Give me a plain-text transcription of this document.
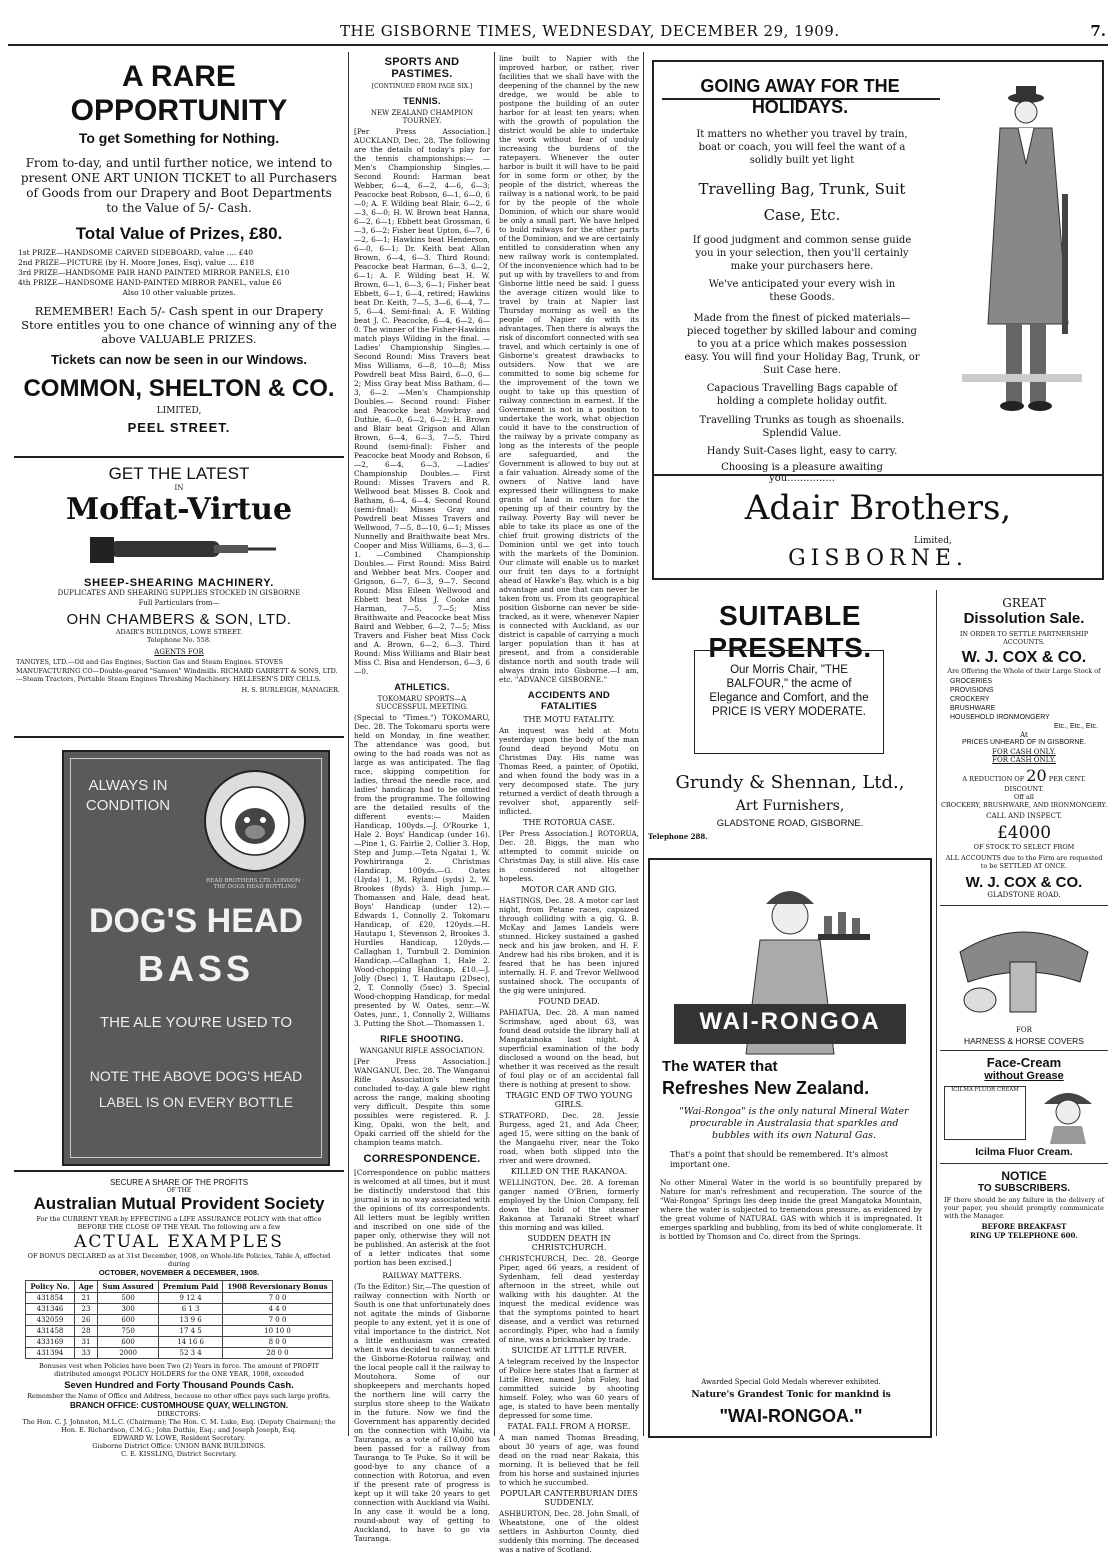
THE GISBORNE TIMES, WEDNESDAY, DECEMBER 29, 1909.	7.
A RARE OPPORTUNITY
To get Something for Nothing.
From to-day, and until further notice, we intend to present ONE ART UNION TICKET to all Purchasers of Goods from our Drapery and Boot Departments to the Value of 5/- Cash.
Total Value of Prizes, £80.
1st PRIZE—HANDSOME CARVED SIDEBOARD, value .... £40
2nd PRIZE—PICTURE (by H. Moore Jones, Esq), value .... £18
3rd PRIZE—HANDSOME PAIR HAND PAINTED MIRROR PANELS, £10
4th PRIZE—HANDSOME HAND-PAINTED MIRROR PANEL, value £6
Also 10 other valuable prizes.
REMEMBER! Each 5/- Cash spent in our Drapery Store entitles you to one chance of winning any of the above VALUABLE PRIZES.
Tickets can now be seen in our Windows.
COMMON, SHELTON & CO.
LIMITED,
PEEL STREET.
GET THE LATEST
IN
Moffat-Virtue
SHEEP-SHEARING MACHINERY.
DUPLICATES AND SHEARING SUPPLIES STOCKED IN GISBORNE
Full Particulars from—
OHN CHAMBERS & SON, LTD.
ADAIR'S BUILDINGS, LOWE STREET.
Telephone No. 558.
AGENTS FOR
TANGYES, LTD.—Oil and Gas Engines, Suction Gas and Steam Engines. STOVES MANUFACTURING CO—Double-geared "Samson" Windmills. RICHARD GARRETT & SONS, LTD.—Steam Tractors, Portable Steam Engines Threshing Machinery. HELLESEN'S DRY CELLS.
H. S. BURLEIGH, MANAGER.
ALWAYS IN CONDITION
READ BROTHERS LTD. LONDON · THE DOGS HEAD BOTTLING
DOG'S HEAD
BASS
THE ALE YOU'RE USED TO
NOTE THE ABOVE DOG'S HEAD
LABEL IS ON EVERY BOTTLE
SECURE A SHARE OF THE PROFITS
OF THE
Australian Mutual Provident Society
For the CURRENT YEAR by EFFECTING a LIFE ASSURANCE POLICY with that office BEFORE THE CLOSE OF THE YEAR. The following are a few
ACTUAL EXAMPLES
OF BONUS DECLARED as at 31st December, 1908, on Whole-life Policies, Table A, effected during
OCTOBER, NOVEMBER & DECEMBER, 1908.
Policy No.	Age	Sum Assured	Premium Paid	1908 Reversionary Bonus
431854	21	500	9 12 4	7 0 0
431346	23	300	6 1 3	4 4 0
432059	26	600	13 9 6	7 0 0
431458	28	750	17 4 5	10 10 0
433169	31	600	14 16 6	8 0 0
431394	33	2000	52 3 4	28 0 0
Bonuses vest when Policies have been Two (2) Years in force. The amount of PROFIT distributed amongst POLICY HOLDERS for the ONE YEAR, 1908, exceeded
Seven Hundred and Forty Thousand Pounds Cash.
Remember the Name of Office and Address, because no other office pays such large profits.
BRANCH OFFICE: CUSTOMHOUSE QUAY, WELLINGTON.
DIRECTORS:
The Hon. C. J. Johnston, M.L.C. (Chairman); The Hon. C. M. Luke, Esq. (Deputy Chairman); the Hon. E. Richardson, C.M.G.; John Duthie, Esq.; and Joseph Joseph, Esq.
EDWARD W. LOWE, Resident Secretary.
Gisborne District Office: UNION BANK BUILDINGS.
C. E. KISSLING, District Secretary.
SPORTS AND PASTIMES.
[CONTINUED FROM PAGE SIX.]
TENNIS.
NEW ZEALAND CHAMPION TOURNEY.

[Per Press Association.] AUCKLAND, Dec. 28. The following are the details of today's play for the tennis championships:— —Men's Championship Singles.— Second Round: Harman beat Webber, 6—4, 6—2, 4—6, 6—3; Peacocke beat Robson, 6—1, 6—0, 6—0; A. F. Wilding beat Blair, 6—2, 6—3, 6—0; H. W. Brown beat Hanna, 6—2, 6—1; Ebbett beat Grossman, 6—3, 6—2; Fisher beat Upton, 6—7, 6—2, 6—1; Hawkins beat Henderson, 6—0, 6—1; Dr. Keith beat Allan Brown, 6—4, 6—3. Third Round: Peacocke beat Harman, 6—3, 6—2, 6—1; A. F. Wilding beat H. W. Brown, 6—1, 6—3, 6—1; Fisher beat Ebbett, 6—1, 6—4, retired; Hawkins beat Dr. Keith, 7—5, 3—6, 6—4, 7—5, 6—4. Semi-final: A. F. Wilding beat J. C. Peacocke, 6—4, 6—2, 6—0. The winner of the Fisher-Hawkins match plays Wilding in the final. —Ladies' Championship Singles.— Second Round: Miss Travers beat Miss Williams, 6—8, 10—8; Miss Powdrell beat Miss Baird, 6—0, 6—2; Miss Gray beat Miss Batham, 6—3, 6—2. —Men's Championship Doubles.— Second round: Fisher and Peacocke beat Mowbray and Duthie, 6—0, 6—2, 6—2; H. Brown and Blair beat Grigson and Allan Brown, 6—4, 6—3, 7—5. Third Round (semi-final): Fisher and Peacocke beat Moody and Robson, 6—2, 6—4, 6—3. —Ladies' Championship Doubles.— First Round: Misses Travers and R. Wellwood beat Misses B. Cook and Batham, 6—4, 6—4. Second Round (semi-final): Misses Gray and Powdrell beat Misses Travers and Wellwood, 7—5, 8—10, 6—1; Misses Nunnelly and Braithwaite beat Mrs. Cooper and Miss Williams, 6—3, 6—1. —Combined Championship Doubles.— First Round: Miss Baird and Webber beat Mrs. Cooper and Grigson, 6—7, 6—3, 9—7. Second Round: Miss Eileen Wellwood and Ebbett beat Miss J. Cooke and Harman, 7—5, 7—5; Miss Braithwaite and Peacocke beat Miss Baird and Webber, 6—2, 7—5; Miss Travers and Fisher beat Miss Cock and A. Brown, 6—2, 6—3. Third Round: Miss Williams and Blair beat Miss C. Bisa and Henderson, 6—3, 6—0.

ATHLETICS.
TOKOMARU SPORTS—A SUCCESSFUL MEETING.

(Special to "Times.") TOKOMARU, Dec. 28. The Tokomaru sports were held on Monday, in fine weather. The attendance was good, but owing to the bad roads was not as large as was anticipated. The flag race, skipping competition for ladies, thread the needle race, and ladies' handicap had to be omitted from the programme. The following are the detailed results of the different events:— Maiden Handicap, 100yds.—J. O'Rourke 1, Hale 2. Boys' Handicap (under 16).—Pine 1, G. Fairlie 2, Collier 3. Hop, Step and Jump.—Teta Ngatai 1, W. Powhiriranga 2. Christmas Handicap, 100yds.—G. Oates (Llyda) 1, M. Ryland (syds) 2, W. Brookes (8yds) 3. High Jump.—Thomassen and Hale, dead heat. Boys' Handicap (under 12).—Edwards 1, Connolly 2. Tokomaru Handicap, of £20, 120yds.—H. Hautapu 1, Stevenson 2, Brookes 3. Hurdles Handicap, 120yds.—Callaghan 1, Turnbull 2. Dominion Handicap.—Callaghan 1, Hale 2. Wood-chopping Handicap, £10.—J. Jolly (Dsec) 1, T. Hautapu (2Dsec), 2, T. Connolly (5sec) 3. Special Wood-chopping Handicap, for medal presented by W. Oates, senr.—W. Oates, junr., 1, Connolly 2, Williams 3. Putting the Shot.—Thomassen 1.

RIFLE SHOOTING.
WANGANUI RIFLE ASSOCIATION.

[Per Press Association.] WANGANUI, Dec. 28. The Wanganui Rifle Association's meeting concluded to-day. A gale blew right across the range, making shooting very difficult. Despite this some possibles were registered. R. J. King, Opaki, won the belt, and Opaki carried off the shield for the champion teams match.

CORRESPONDENCE.

[Correspondence on public matters is welcomed at all times, but it must be distinctly understood that this journal is in no way associated with the opinions of its correspondents. All letters must be legibly written and inscribed on one side of the paper only, otherwise they will not be published. An asterisk at the foot of a letter indicates that some portion has been excised.]

RAILWAY MATTERS.

(To the Editor.) Sir,—The question of railway connection with North or South is one that unfortunately does not agitate the minds of Gisborne people to any extent, yet it is one of vital importance to the district. Not a little enthusiasm was created when it was decided to connect with the Gisborne-Rotorua railway, and the local people call it the railway to Moutohora. Some of our shopkeepers and merchants hoped the northern line will carry the surplus store sheep to the Waikato in the future. Now we find the Government has apparently decided on the connection with Waihi, via Tauranga, as a vote of £10,000 has been passed for a railway from Tauranga to Te Puke. So it will be good-bye to any chance of a connection with Rotorua, and even if the present rate of progress is kept up it will take 20 years to get connection with Auckland via Waihi. In any case it would be a long, round-about way of getting to Auckland, to have to go via Tauranga.

line built to Napier with the improved harbor, or rather, river facilities that we shall have with the deepening of the channel by the new dredge, we would be able to postpone the building of an outer harbor for at least ten years; when with the growth of population the district would be able to undertake the work without fear of unduly increasing the burdens of the ratepayers. Whenever the outer harbor is built it will have to be paid for in some form or other, by the people of the district, whereas the railway is a national work, to be paid for by the people of the whole Dominion, of which our share would be only a small part. We have helped to build railways for the other parts of the Dominion, and we are certainly entitled to consideration when any new railway work is contemplated. Of the inconvenience which had to be put up with by travellers to and from Gisborne little need be said. I guess the average citizen would like to travel by train at Napier last Thursday morning as well as the people of Napier do with its advantages. Then there is always the risk of discomfort connected with sea travel, and which certainly is one of Gisborne's greatest drawbacks to outsiders. Now that we are committed to some big scheme for the improvement of the town we ought to take up this question of railway connection in earnest. If the Government is not in a position to undertake the work, what objection could it have to the construction of the railway by a private company as long as the interests of the people are safeguarded, and the Government is allowed to buy out at a fair valuation. Already some of the owners of Native land have expressed their willingness to make grants of land in return for the opening up of their country by the railway. Poverty Bay will never be able to take its place as one of the chief fruit growing districts of the Dominion until we get into touch with the markets of the Dominion. Our climate will enable us to market our fruit ten days to a fortnight ahead of Hawke's Bay, which is a big advantage and one that can never be taken from us. From its geographical position Gisborne can never be side-tracked, as it were, whenever Napier is connected with Auckland, as our district is capable of carrying a much larger population than it has at present, and from a considerable distance north and south trade will always drain into Gisborne.—I am, etc. "ADVANCE GISBORNE."

ACCIDENTS AND FATALITIES
THE MOTU FATALITY.

An inquest was held at Motu yesterday upon the body of the man found dead beyond Motu on Christmas Day. His name was Thomas Reed, a painter, of Opotiki, and when found the body was in a very decomposed state. The jury returned a verdict of death through a revolver shot, apparently self-inflicted.

THE ROTORUA CASE.

[Per Press Association.] ROTORUA, Dec. 28. Biggs, the man who attempted to commit suicide on Christmas Day, is still alive. His case is considered not altogether hopeless.

MOTOR CAR AND GIG.

HASTINGS, Dec. 28. A motor car last night, from Petane races, capsized through colliding with a gig. G. B. McKay and James Landels were stunned. Hickey sustained a gashed neck and his jaw broken, and H. F. Andrew had his ribs broken, and it is feared that he has been injured internally. H. F. and Trevor Wellwood sustained shock. The occupants of the gig were uninjured.

FOUND DEAD.

PAHIATUA, Dec. 28. A man named Scrimshaw, aged about 63, was found dead outside the library hall at Mangatainoka last night. A superficial examination of the body disclosed a wound on the head, but whether it was received as the result of foul play or of an accidental fall there is nothing at present to show.

TRAGIC END OF TWO YOUNG GIRLS.

STRATFORD, Dec. 28. Jessie Burgess, aged 21, and Ada Cheer, aged 15, were sitting on the bank of the Mangaehu river, near the Toko road, when both slipped into the river and were drowned.

KILLED ON THE RAKANOA.

WELLINGTON, Dec. 28. A foreman ganger named O'Brien, formerly employed by the Union Company, fell down the hold of the steamer Rakanoa at Taranaki Street wharf this morning and was killed.

SUDDEN DEATH IN CHRISTCHURCH.

CHRISTCHURCH, Dec. 28. George Piper, aged 66 years, a resident of Sydenham, fell dead yesterday afternoon in the street, while out walking with his daughter. At the inquest the medical evidence was that the symptoms pointed to heart disease, and a verdict was returned accordingly. Piper, who had a family of nine, was a brickmaker by trade.

SUICIDE AT LITTLE RIVER.

A telegram received by the Inspector of Police here states that a farmer at Little River, named John Foley, had committed suicide by shooting himself. Foley, who was 60 years of age, is stated to have been mentally depressed for some time.

FATAL FALL FROM A HORSE.

A man named Thomas Breading, about 30 years of age, was found dead on the road near Rakaia, this morning. It is believed that he fell from his horse and sustained injuries to which he succumbed.

POPULAR CANTERBURIAN DIES SUDDENLY.

ASHBURTON, Dec. 28. John Small, of Wheatstone, one of the oldest settlers in Ashburton County, died suddenly this morning. The deceased was a native of Scotland.

GOING AWAY FOR THE HOLIDAYS.
It matters no whether you travel by train, boat or coach, you will feel the want of a solidly built yet light
Travelling Bag, Trunk, Suit Case, Etc.
If good judgment and common sense guide you in your selection, then you'll certainly make your purchasers here.
We've anticipated your every wish in these Goods.
Made from the finest of picked materials—pieced together by skilled labour and coming to you at a price which makes possession easy. You will find your Holiday Bag, Trunk, or Suit Case here.
Capacious Travelling Bags capable of holding a complete holiday outfit.
Travelling Trunks as tough as shoenails. Splendid Value.
Handy Suit-Cases light, easy to carry.
Choosing is a pleasure awaiting you...............
Adair Brothers,
Limited,
GISBORNE.
SUITABLE PRESENTS.
Our Morris Chair, "THE BALFOUR," the acme of Elegance and Comfort, and the PRICE IS VERY MODERATE.
Grundy & Shennan, Ltd.,
Art Furnishers,
GLADSTONE ROAD, GISBORNE.
Telephone 288.
WAI-RONGOA
The WATER that
Refreshes New Zealand.
"Wai-Rongoa" is the only natural Mineral Water procurable in Australasia that sparkles and bubbles with its own Natural Gas.
That's a point that should be remembered. It's almost important one.
No other Mineral Water in the world is so bountifully prepared by Nature for man's refreshment and recuperation. The source of the "Wai-Rongoa" Springs lies deep inside the great Mangatoka Mountain, where the water is subjected to tremendous pressure, as evidenced by the great volume of NATURAL GAS with which it is impregnated. It emerges sparkling and bubbling, from its bed of white conglomerate. It is bottled by Thomson and Co. direct from the Springs.
Awarded Special Gold Medals wherever exhibited.
Nature's Grandest Tonic for mankind is
"WAI-RONGOA."
GREAT
Dissolution Sale.
IN ORDER TO SETTLE PARTNERSHIP ACCOUNTS.
W. J. COX & CO.
Are Offering the Whole of their Large Stock of
GROCERIES
PROVISIONS
CROCKERY
BRUSHWARE
HOUSEHOLD IRONMONGERY
Etc., Etc., Etc.
At
PRICES UNHEARD OF IN GISBORNE.
FOR CASH ONLY.
FOR CASH ONLY.
A REDUCTION OF 20 PER CENT.
DISCOUNT.
Off all
CROCKERY, BRUSHWARE, AND IRONMONGERY.
CALL AND INSPECT.
£4000
OF STOCK TO SELECT FROM
ALL ACCOUNTS due to the Firm are requested to be SETTLED AT ONCE.
W. J. COX & CO.
GLADSTONE ROAD.
FOR
HARNESS & HORSE COVERS
Face-Cream
without Grease
ICILMA FLUOR CREAM
Icilma Fluor Cream.
NOTICE
TO SUBSCRIBERS.
IF there should be any failure in the delivery of your paper, you should promptly communicate with the Manager.
BEFORE BREAKFAST
RING UP TELEPHONE 600.
